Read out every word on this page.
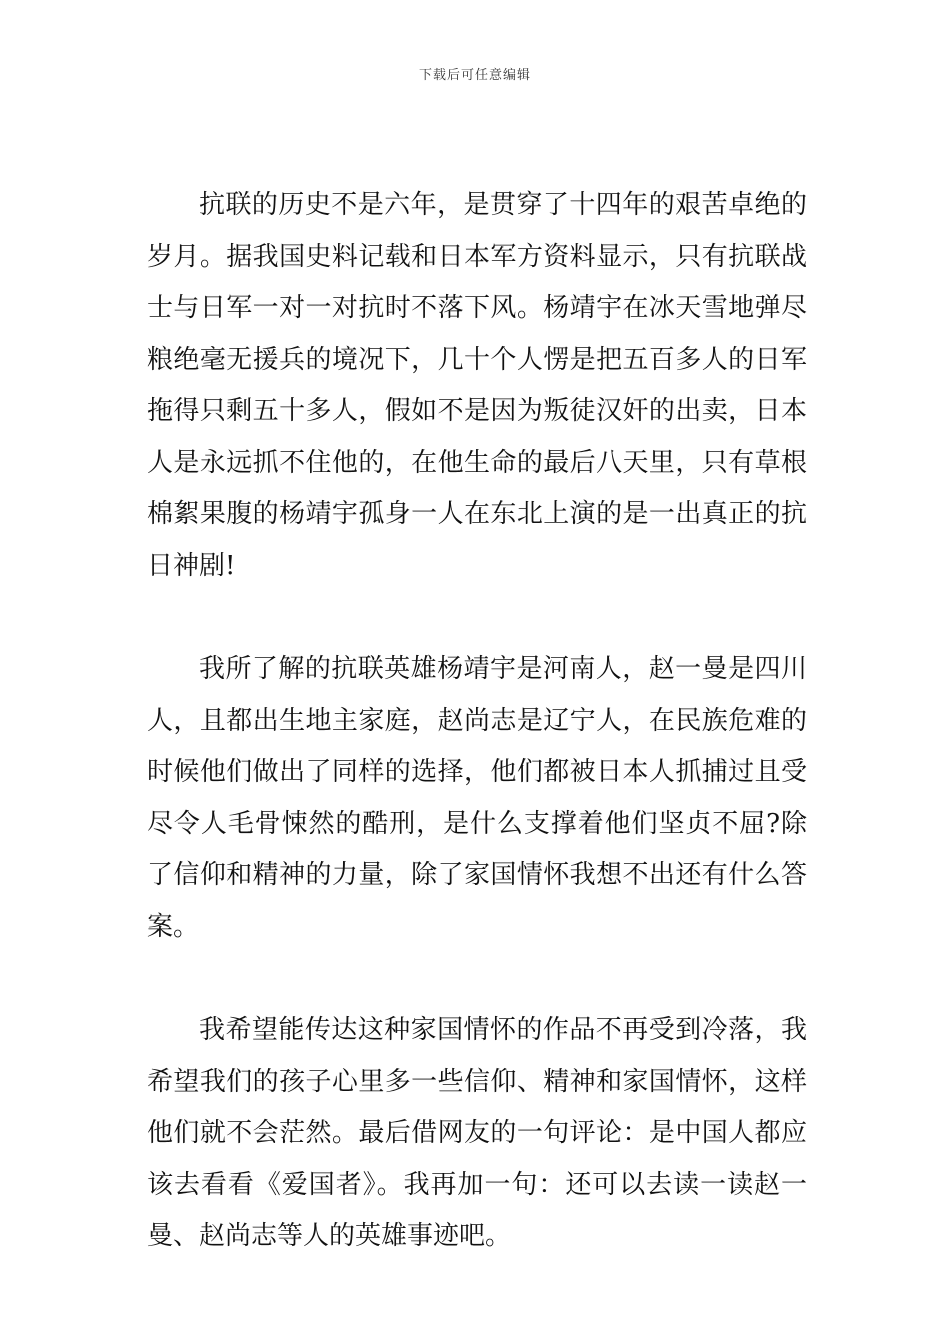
下载后可任意编辑

抗联的历史不是六年，是贯穿了十四年的艰苦卓绝的岁月。据我国史料记载和日本军方资料显示，只有抗联战士与日军一对一对抗时不落下风。杨靖宇在冰天雪地弹尽粮绝毫无援兵的境况下，几十个人愣是把五百多人的日军拖得只剩五十多人，假如不是因为叛徒汉奸的出卖，日本人是永远抓不住他的，在他生命的最后八天里，只有草根棉絮果腹的杨靖宇孤身一人在东北上演的是一出真正的抗日神剧!

我所了解的抗联英雄杨靖宇是河南人，赵一曼是四川人，且都出生地主家庭，赵尚志是辽宁人，在民族危难的时候他们做出了同样的选择，他们都被日本人抓捕过且受尽令人毛骨悚然的酷刑，是什么支撑着他们坚贞不屈?除了信仰和精神的力量，除了家国情怀我想不出还有什么答案。

我希望能传达这种家国情怀的作品不再受到冷落，我希望我们的孩子心里多一些信仰、精神和家国情怀，这样他们就不会茫然。最后借网友的一句评论：是中国人都应该去看看《爱国者》。我再加一句：还可以去读一读赵一曼、赵尚志等人的英雄事迹吧。
